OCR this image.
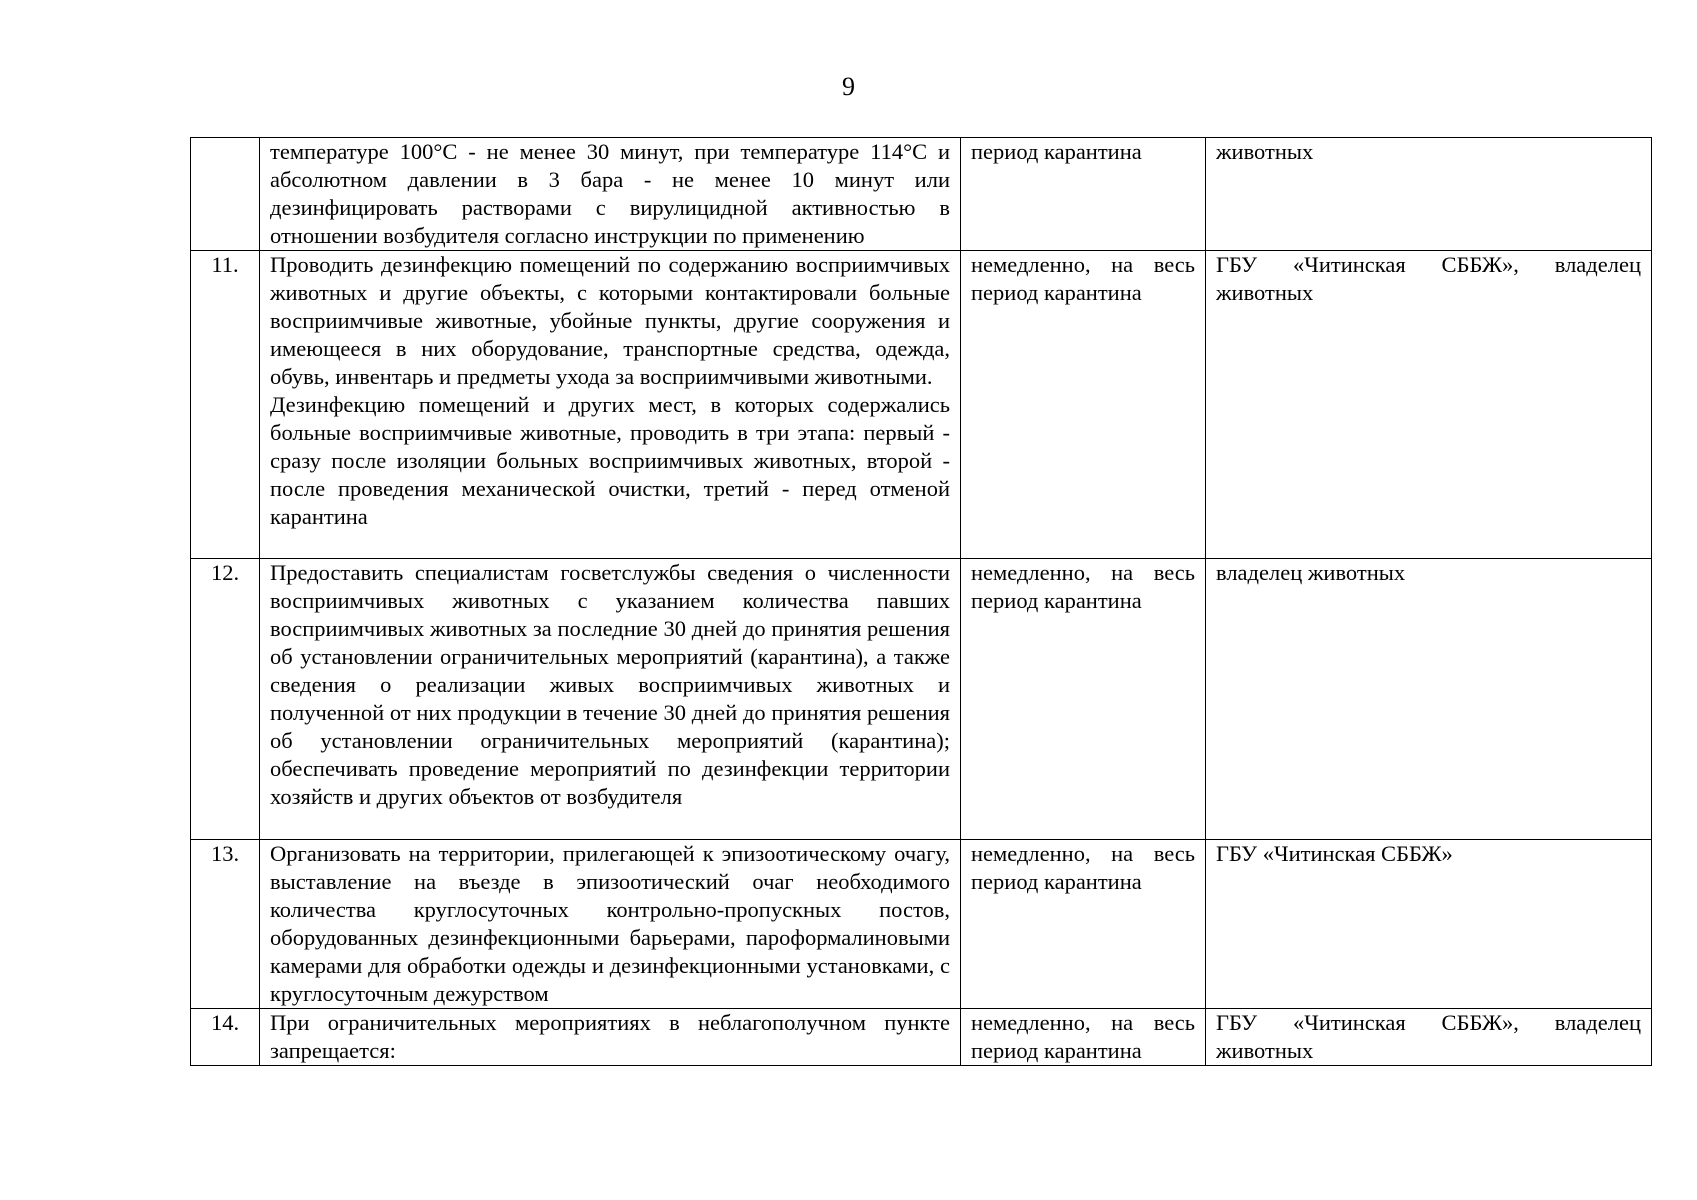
9

	температуре 100°С - не менее 30 минут, при температуре 114°С и абсолютном давлении в 3 бара - не менее 10 минут или дезинфицировать растворами с вирулицидной активностью в отношении возбудителя согласно инструкции по применению	период карантина	животных
11.	Проводить дезинфекцию помещений по содержанию восприимчивых животных и другие объекты, с которыми контактировали больные восприимчивые животные, убойные пункты, другие сооружения и имеющееся в них оборудование, транспортные средства, одежда, обувь, инвентарь и предметы ухода за восприимчивыми животными.
Дезинфекцию помещений и других мест, в которых содержались больные восприимчивые животные, проводить в три этапа: первый - сразу после изоляции больных восприимчивых животных, второй - после проведения механической очистки, третий - перед отменой карантина	немедленно, на весь период карантина	ГБУ «Читинская СББЖ», владелец животных
12.	Предоставить специалистам госветслужбы сведения о численности восприимчивых животных с указанием количества павших восприимчивых животных за последние 30 дней до принятия решения об установлении ограничительных мероприятий (карантина), а также сведения о реализации живых восприимчивых животных и полученной от них продукции в течение 30 дней до принятия решения об установлении ограничительных мероприятий (карантина); обеспечивать проведение мероприятий по дезинфекции территории хозяйств и других объектов от возбудителя	немедленно, на весь период карантина	владелец животных
13.	Организовать на территории, прилегающей к эпизоотическому очагу, выставление на въезде в эпизоотический очаг необходимого количества круглосуточных контрольно-пропускных постов, оборудованных дезинфекционными барьерами, пароформалиновыми камерами для обработки одежды и дезинфекционными установками, с круглосуточным дежурством	немедленно, на весь период карантина	ГБУ «Читинская СББЖ»
14.	При ограничительных мероприятиях в неблагополучном пункте запрещается:	немедленно, на весь период карантина	ГБУ «Читинская СББЖ», владелец животных
